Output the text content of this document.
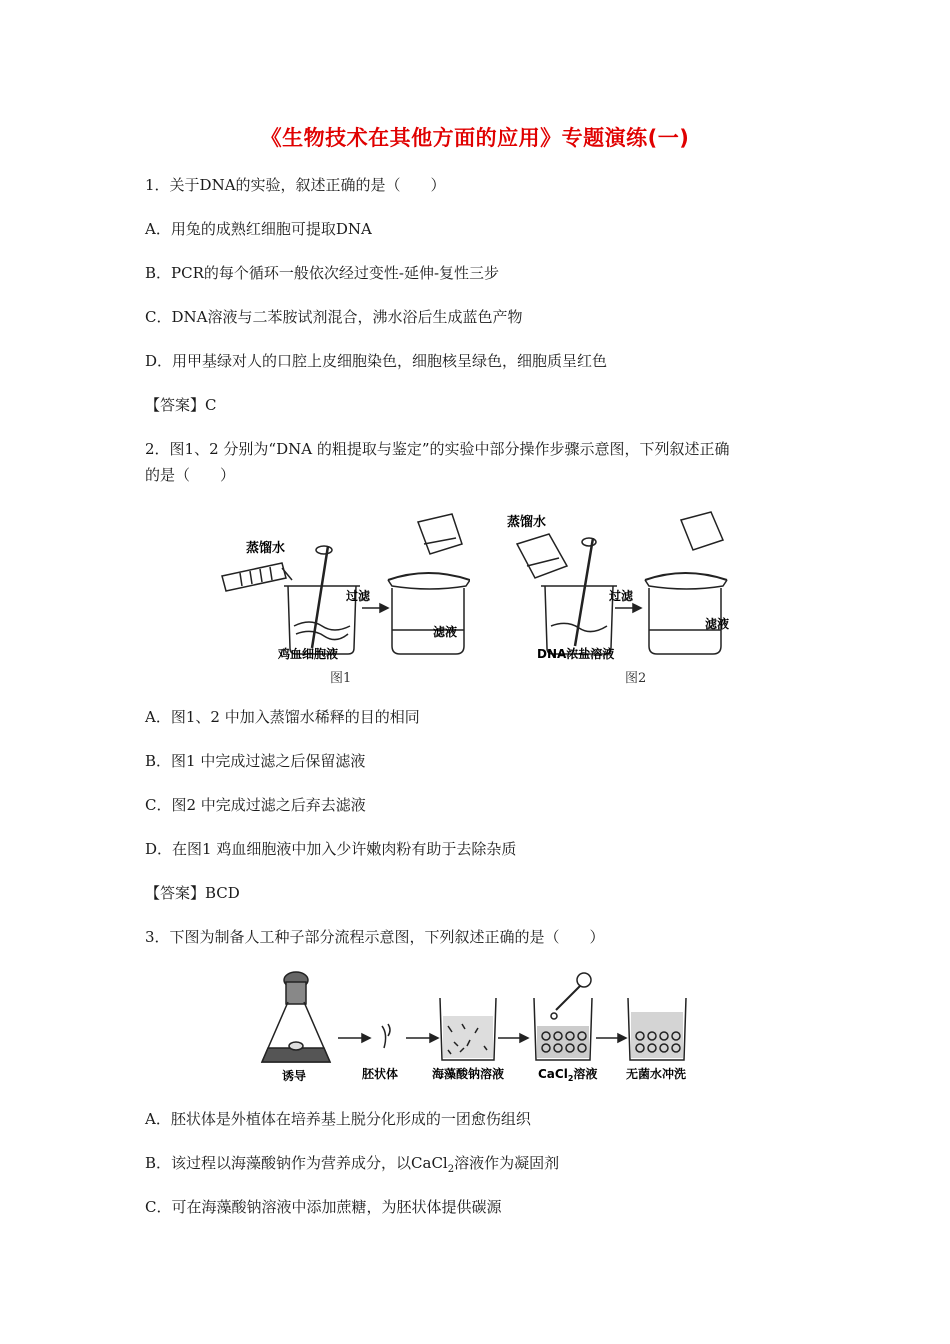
《生物技术在其他方面的应用》专题演练(一)
1．关于DNA的实验，叙述正确的是（　　）
A．用兔的成熟红细胞可提取DNA
B．PCR的每个循环一般依次经过变性-延伸-复性三步
C．DNA溶液与二苯胺试剂混合，沸水浴后生成蓝色产物
D．用甲基绿对人的口腔上皮细胞染色，细胞核呈绿色，细胞质呈红色
【答案】C
2．图1、2 分别为“DNA 的粗提取与鉴定”的实验中部分操作步骤示意图，下列叙述正确
的是（　　）
蒸馏水
过滤
鸡血细胞液
滤液
图1
蒸馏水
过滤
DNA浓盐溶液
滤液
图2
A．图1、2 中加入蒸馏水稀释的目的相同
B．图1 中完成过滤之后保留滤液
C．图2 中完成过滤之后弃去滤液
D．在图1 鸡血细胞液中加入少许嫩肉粉有助于去除杂质
【答案】BCD
3．下图为制备人工种子部分流程示意图，下列叙述正确的是（　　）
诱导	胚状体	海藻酸钠溶液	CaCl$_2$溶液 无菌水冲洗
A．胚状体是外植体在培养基上脱分化形成的一团愈伤组织
B．该过程以海藻酸钠作为营养成分，以CaCl$_2$溶液作为凝固剂
C．可在海藻酸钠溶液中添加蔗糖，为胚状体提供碳源
